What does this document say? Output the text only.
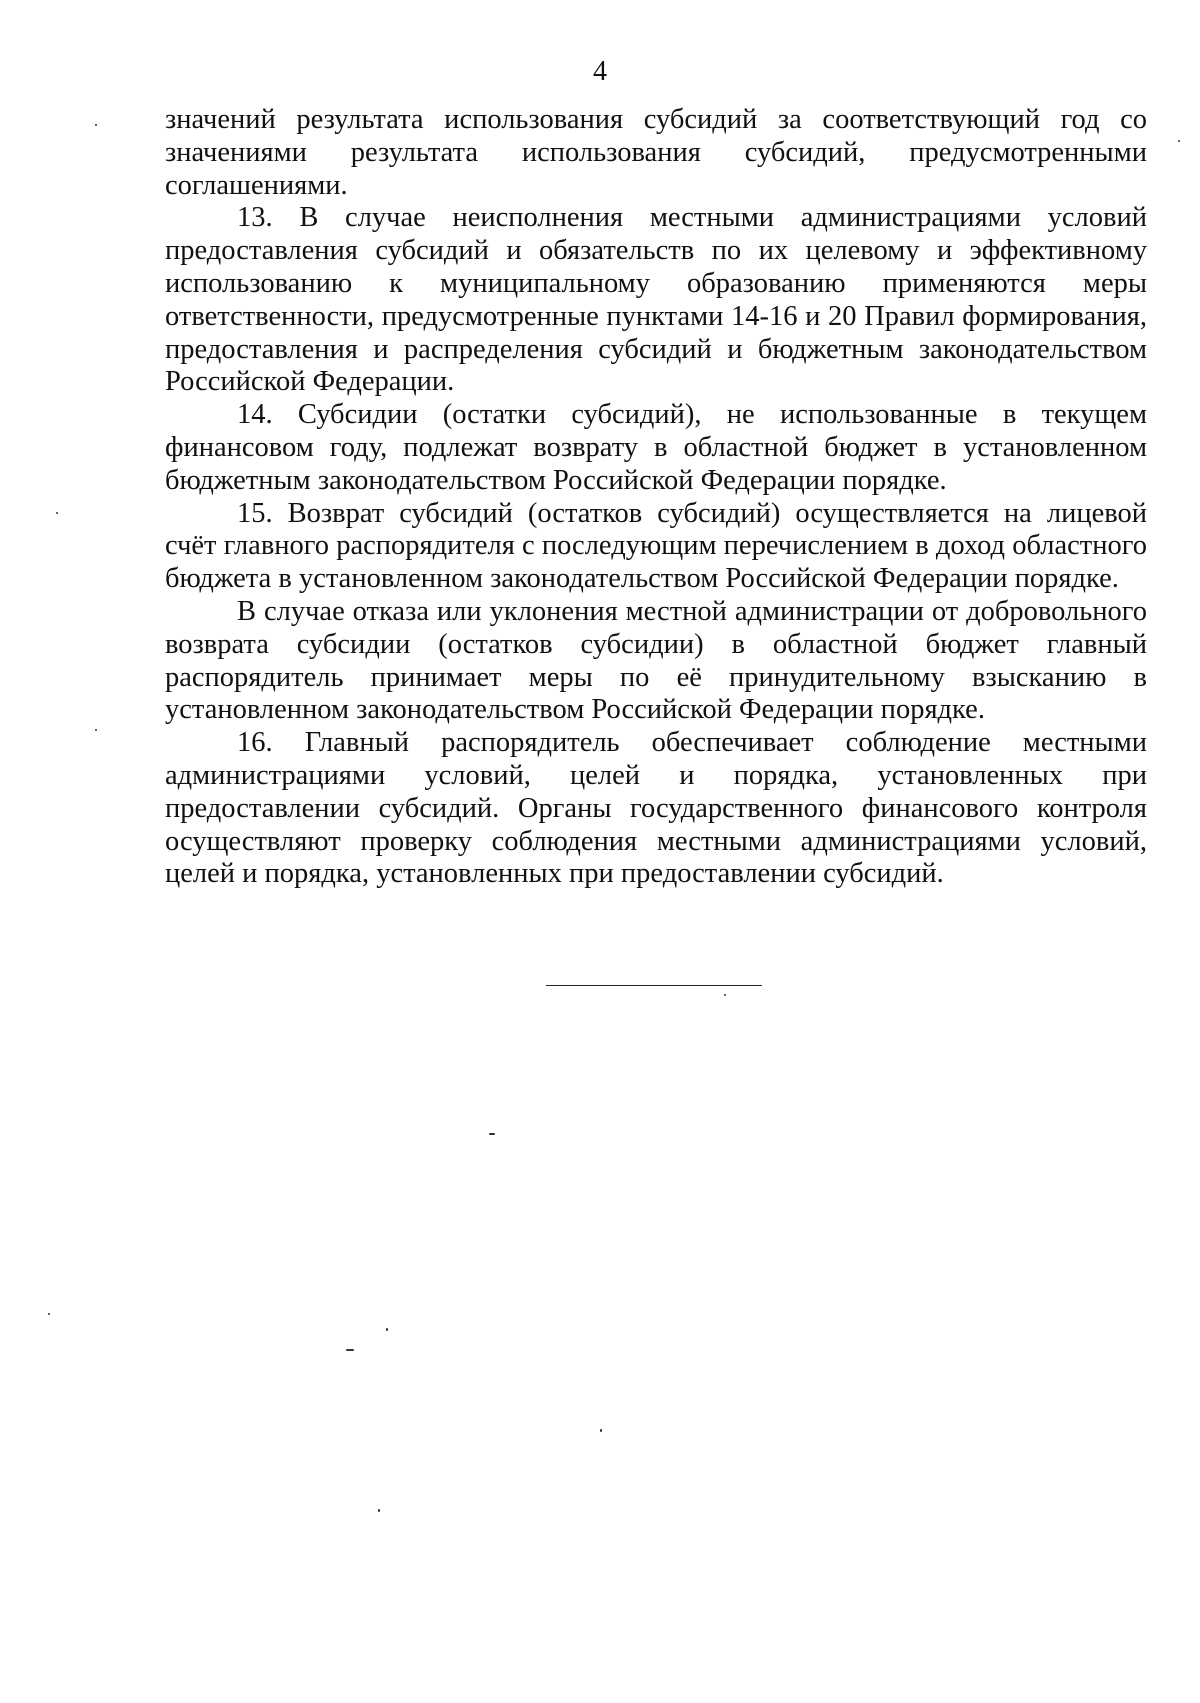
4

значений результата использования субсидий за соответствующий год со значениями результата использования субсидий, предусмотренными соглашениями.

13. В случае неисполнения местными администрациями условий предоставления субсидий и обязательств по их целевому и эффективному использованию к муниципальному образованию применяются меры ответственности, предусмотренные пунктами 14-16 и 20 Правил формирования, предоставления и распределения субсидий и бюджетным законодательством Российской Федерации.

14. Субсидии (остатки субсидий), не использованные в текущем финансовом году, подлежат возврату в областной бюджет в установленном бюджетным законодательством Российской Федерации порядке.

15. Возврат субсидий (остатков субсидий) осуществляется на лицевой счёт главного распорядителя с последующим перечислением в доход областного бюджета в установленном законодательством Российской Федерации порядке.

В случае отказа или уклонения местной администрации от добровольного возврата субсидии (остатков субсидии) в областной бюджет главный распорядитель принимает меры по её принудительному взысканию в установленном законодательством Российской Федерации порядке.

16. Главный распорядитель обеспечивает соблюдение местными администрациями условий, целей и порядка, установленных при предоставлении субсидий. Органы государственного финансового контроля осуществляют проверку соблюдения местными администрациями условий, целей и порядка, установленных при предоставлении субсидий.
